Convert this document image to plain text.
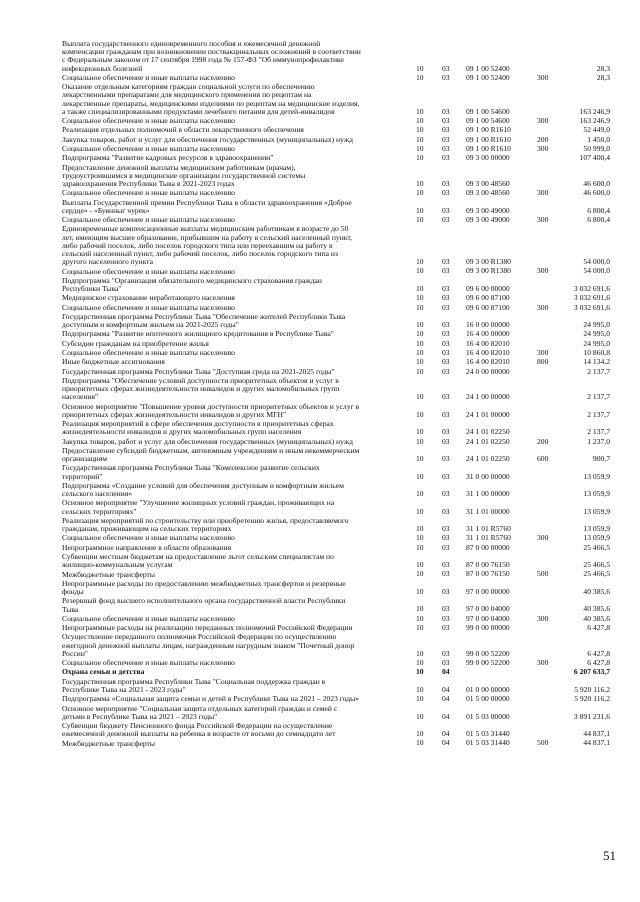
Выплата государственного единовременного пособия и ежемесячной денежной
компенсации гражданам при возникновении поствакцинальных осложнений в соответствии
с Федеральным законом от 17 сентября 1998 года № 157-ФЗ "Об иммунопрофилактике
инфекционных болезней	10 03 09 1 00 52400	28,3
Социальное обеспечение и иные выплаты населению	10 03 09 1 00 52400	300	28,3
Оказание отдельным категориям граждан социальной услуги по обеспечению
лекарственными препаратами для медицинского применения по рецептам на
лекарственные препараты, медицинскими изделиями по рецептам на медицинские изделия,
а также специализированными продуктами лечебного питания для детей-инвалидов	10 03 09 1 00 54600	163 246,9
Социальное обеспечение и иные выплаты населению	10 03 09 1 00 54600	300	163 246,9
Реализация отдельных полномочий в области лекарственного обеспечения	10 03 09 1 00 R1610	52 449,0
Закупка товаров, работ и услуг для обеспечения государственных (муниципальных) нужд	10 03 09 1 00 R1610	200	1 450,0
Социальное обеспечение и иные выплаты населению	10 03 09 1 00 R1610	300	50 999,0
Подпрограмма "Развитие кадровых ресурсов в здравоохранении"	10 03 09 3 00 00000	107 400,4
Предоставление денежной выплаты медицинским работникам (врачам),
трудоустроившимся в медицинские организации государственной системы
здравоохранения Республики Тыва в 2021-2023 годах	10 03 09 3 00 48560	46 600,0
Социальное обеспечение и иные выплаты населению	10 03 09 3 00 48560	300	46 600,0
Выплаты Государственной премии Республики Тыва в области здравоохранения «Доброе
сердце» - «Буянныг чурек»	10 03 09 3 00 49000	6 800,4
Социальное обеспечение и иные выплаты населению	10 03 09 3 00 49000	300	6 800,4
Единовременные компенсационные выплаты медицинским работникам в возрасте до 50
лет, имеющим высшее образование, прибывшим на работу в сельский населенный пункт,
либо рабочий поселок, либо поселок городского типа или переехавшим на работу в
сельский населенный пункт, либо рабочий поселок, либо поселок городского типа из
другого населенного пункта	10 03 09 3 00 R1380	54 000,0
Социальное обеспечение и иные выплаты населению	10 03 09 3 00 R1380	300	54 000,0
Подпрограмма "Организация обязательного медицинского страхования граждан
Республики Тыва"	10 03 09 6 00 00000	3 032 691,6
Медицинское страхование неработающего населения	10 03 09 6 00 87100	3 032 691,6
Социальное обеспечение и иные выплаты населению	10 03 09 6 00 87100	300	3 032 691,6
Государственная программа Республики Тыва "Обеспечение жителей Республики Тыва
доступным и комфортным жильем на 2021-2025 годы"	10 03 16 0 00 00000	24 995,0
Подпрограмма "Развитие ипотечного жилищного кредитования в Республике Тыва"	10 03 16 4 00 00000	24 995,0
Субсидии гражданам на приобретение жилья	10 03 16 4 00 82010	24 995,0
Социальное обеспечение и иные выплаты населению	10 03 16 4 00 82010	300	10 860,8
Иные бюджетные ассигнования	10 03 16 4 00 82010	800	14 134,2
Государственная программа Республики Тыва "Доступная среда на 2021-2025 годы"	10 03 24 0 00 00000	2 137,7
Подпрограмма "Обеспечение условий доступности приоритетных объектов и услуг в
приоритетных сферах жизнедеятельности инвалидов и других маломобильных групп
населения"	10 03 24 1 00 00000	2 137,7
Основное мероприятие "Повышение уровня доступности приоритетных объектов и услуг в
приоритетных сферах жизнедеятельности инвалидов и других МГН"	10 03 24 1 01 00000	2 137,7
Реализация мероприятий в сфере обеспечения доступности в приоритетных сферах
жизнедеятельности инвалидов и других маломобильных групп населения	10 03 24 1 01 02250	2 137,7
Закупка товаров, работ и услуг для обеспечения государственных (муниципальных) нужд	10 03 24 1 01 02250	200	1 237,0
Предоставление субсидий бюджетным, автономным учреждениям и иным некоммерческим
организациям	10 03 24 1 01 02250	600	900,7
Государственная программа Республики Тыва "Комплексное развитие сельских
территорий"	10 03 31 0 00 00000	13 059,9
Подпрограмма «Создание условий для обеспечения доступным и комфортным жильем
сельского населения»	10 03 31 1 00 00000	13 059,9
Основное мероприятие "Улучшение жилищных условий граждан, проживающих на
сельских территориях"	10 03 31 1 01 00000	13 059,9
Реализация мероприятий по строительству или приобретению жилья, предоставляемого
гражданам, проживающим на сельских территориях	10 03 31 1 01 R5760	13 059,9
Социальное обеспечение и иные выплаты населению	10 03 31 1 01 R5760	300	13 059,9
Непрограммное направление в области образования	10 03 87 0 00 00000	25 466,5
Субвенции местным бюджетам на предоставление льгот сельским специалистам по
жилищно-коммунальным услугам	10 03 87 0 00 76150	25 466,5
Межбюджетные трансферты	10 03 87 0 00 76150	500	25 466,5
Непрограммные расходы по предоставлению межбюджетных трансфертов и резервные
фонды	10 03 97 0 00 00000	40 385,6
Резервный фонд высшего исполнительного органа государственной власти Республики
Тыва	10 03 97 0 00 04000	40 385,6
Социальное обеспечение и иные выплаты населению	10 03 97 0 00 04000	300	40 385,6
Непрограммные расходы на реализацию переданных полномочий Российской Федерации	10 03 99 0 00 00000	6 427,8
Осуществление переданного полномочия Российской Федерации по осуществлению
ежегодной денежной выплаты лицам, награжденным нагрудным знаком "Почетный донор
России"	10 03 99 0 00 52200	6 427,8
Социальное обеспечение и иные выплаты населению	10 03 99 0 00 52200	300	6 427,8
Охрана семьи и детства	10 04	6 207 633,7
Государственная программа Республики Тыва "Социальная поддержка граждан в
Республике Тыва на 2021 - 2023 годы"	10 04 01 0 00 00000	5 920 116,2
Подпрограмма «Социальная защита семьи и детей в Республике Тыва на 2021 – 2023 годы»	10 04 01 5 00 00000	5 920 116,2
Основное мероприятие "Социальная защита отдельных категорий граждан и семей с
детьми в Республике Тыва на 2021 – 2023 годы"	10 04 01 5 03 00000	3 891 231,6
Субвенции бюджету Пенсионного фонда Российской Федерации на осуществление
ежемесячной денежной выплаты на ребенка в возрасте от восьми до семнадцати лет	10 04 01 5 03 31440	44 837,1
Межбюджетные трансферты	10 04 01 5 03 31440	500	44 837,1
51
